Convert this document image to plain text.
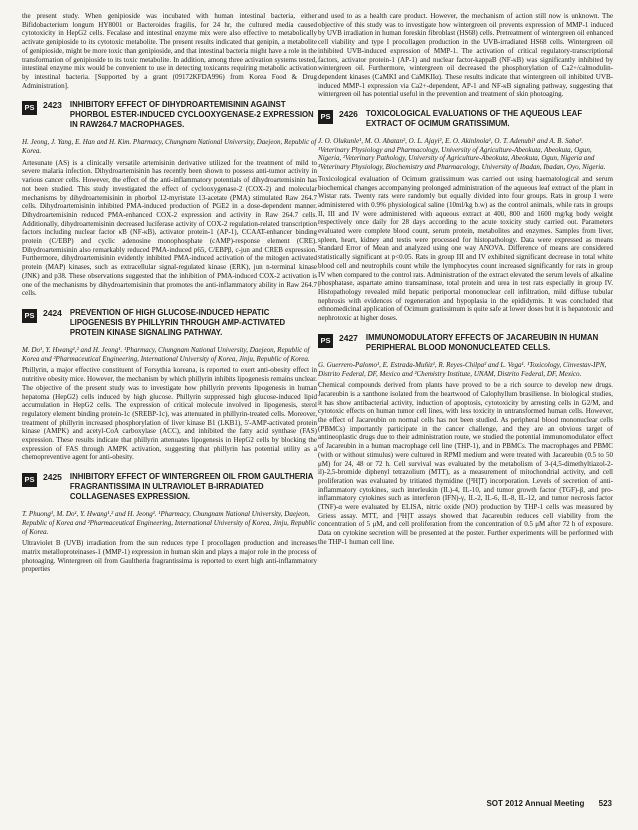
the present study. When genipioside was incubated with human intestinal bacteria, either Bifidobacterium longum HY8001 or Bacteroides fragilis, for 24 hr, the cultured media caused cytotoxicity in HepG2 cells. Fecalase and intestinal enzyme mix were also effective to metabolically activate genipioside to its cytotoxic metabolite. The present results indicated that genipin, a metabolite of genipioside, might be more toxic than genipioside, and that intestinal bacteria might have a role in the transformation of genipioside to its toxic metabolite. In addition, among three activation systems tested, intestinal enzyme mix would be convenient to use in detecting toxicants requiring metabolic activation by intestinal bacteria. [Supported by a grant (09172KFDA996) from Korea Food & Drug Administration].

PS 2423 INHIBITORY EFFECT OF DIHYDROARTEMISININ AGAINST PHORBOL ESTER-INDUCED CYCLOOXYGENASE-2 EXPRESSION IN RAW264.7 MACROPHAGES.
H. Jeong, J. Yang, E. Han and H. Kim. Pharmacy, Chungnam National University, Daejeon, Republic of Korea.

Artesunate (AS) is a clinically versatile artemisinin derivative utilized for the treatment of mild to severe malaria infection. Dihydroartemisinin has recently been shown to possess anti-tumor activity in various cancer cells. However, the effect of the anti-inflammatory potentials of dihydroartemisinin has not been studied. This study investigated the effect of cyclooxygenase-2 (COX-2) and molecular mechanisms by dihydroartemisinin in phorbol 12-myristate 13-acetate (PMA) stimulated Raw 264.7 cells. Dihydroartemisinin inhibited PMA-induced production of PGE2 in a dose-dependent manner. Dihydroartemisinin reduced PMA-enhanced COX-2 expression and activity in Raw 264.7 cells. Additionally, dihydroartemisinin decreased luciferase activity of COX-2 regulation-related transcription factors including nuclear factor κB (NF-κB), activator protein-1 (AP-1), CCAAT-enhancer binding protein (C/EBP) and cyclic adenosine monophosphate (cAMP)-response element (CRE). Dihydroartemisinin also remarkably reduced PMA-induced p65, C/EBPβ, c-jun and CREB expression. Furthermore, dihydroartemisinin evidently inhibited PMA-induced activation of the mitogen activated protein (MAP) kinases, such as extracellular signal-regulated kinase (ERK), jun n-terminal kinase (JNK) and p38. These observations suggested that the inhibition of PMA-induced COX-2 activation is one of the mechanisms by dihydroartemisinin that promotes the anti-inflammatory ability in Raw 264.7 cells.

PS 2424 PREVENTION OF HIGH GLUCOSE-INDUCED HEPATIC LIPOGENESIS BY PHILLYRIN THROUGH AMP-ACTIVATED PROTEIN KINASE SIGNALING PATHWAY.
M. Do¹, Y. Hwang¹,² and H. Jeong¹. ¹Pharmacy, Chungnam National University, Daejeon, Republic of Korea and ²Pharmaceutical Engineering, International University of Korea, Jinju, Republic of Korea.

Phillyrin, a major effective constituent of Forsythia koreana, is reported to exert anti-obesity effect in nutritive obesity mice. However, the mechanism by which phillyrin inhibits lipogenesis remains unclear. The objective of the present study was to investigate how phillyrin prevents lipogenesis in human hepatoma (HepG2) cells induced by high glucose. Phillyrin suppressed high glucose-induced lipid accumulation in HepG2 cells. The expression of critical molecule involved in lipogenesis, sterol regulatory element binding protein-1c (SREBP-1c), was attenuated in phillyrin-treated cells. Moreover, treatment of phillyrin increased phosphorylation of liver kinase B1 (LKB1), 5'-AMP-activated protein kinase (AMPK) and acetyl-CoA carboxylase (ACC), and inhibited the fatty acid synthase (FAS) expression. These results indicate that phillyrin attenuates lipogenesis in HepG2 cells by blocking the expression of FAS through AMPK activation, suggesting that phillyrin has potential utility as a chemopreventive agent for anti-obesity.

PS 2425 INHIBITORY EFFECT OF WINTERGREEN OIL FROM GAULTHERIA FRAGRANTISSIMA IN ULTRAVIOLET B-IRRADIATED COLLAGENASES EXPRESSION.
T. Phuong¹, M. Do¹, Y. Hwang¹,² and H. Jeong¹. ¹Pharmacy, Chungnam National University, Daejeon, Republic of Korea and ²Pharmaceutical Engineering, International University of Korea, Jinju, Republic of Korea.

Ultraviolet B (UVB) irradiation from the sun reduces type I procollagen production and increases matrix metalloproteinases-1 (MMP-1) expression in human skin and plays a major role in the process of photoaging. Wintergreen oil from Gaultheria fragrantissima is reported to exert high anti-inflammatory properties

and used to as a health care product. However, the mechanism of action still now is unknown. The objective of this study was to investigate how wintergreen oil prevents expression of MMP-1 induced by UVB irradiation in human foreskin fibroblast (HS68) cells. Pretreatment of wintergreen oil enhanced cell viability and type I procollagen production in the UVB-irradiated HS68 cells. Wintergreen oil inhibited UVB-induced expression of MMP-1. The activation of critical regulatory-transcriptional factors, activator protein-1 (AP-1) and nuclear factor-kappaB (NF-κB) was significantly inhibited by wintergreen oil. Furthermore, wintergreen oil decreased the phosphorylation of Ca2+/calmodulin-dependent kinases (CaMKI and CaMKIIα). These results indicate that wintergreen oil inhibited UVB-induced MMP-1 expression via Ca2+-dependent, AP-1 and NF-κB signaling pathway, suggesting that wintergreen oil has potential useful in the prevention and treatment of skin photoaging.

PS 2426 TOXICOLOGICAL EVALUATIONS OF THE AQUEOUS LEAF EXTRACT OF OCIMUM GRATISSIMUM.
J. O. Olukunle¹, M. O. Abatan², O. L. Ajayi², E. O. Akinlnola¹, O. T. Adenubi¹ and A. B. Saba³. ¹Veterinary Physiology and Pharmacology, University of Agriculture-Abeokuta, Abeokuta, Ogun, Nigeria, ²Veterinary Pathology, University of Agriculture-Abeokuta, Abeokuta, Ogun, Nigeria and ³Veterinary Physiology, Biochemistry and Pharmacology, University of Ibadan, Ibadan, Oyo, Nigeria.

Toxicological evaluation of Ocimum gratissimum was carried out using haematological and serum biochemical changes accompanying prolonged administration of the aqueous leaf extract of the plant in Wistar rats. Twenty rats were randomly but equally divided into four groups. Rats in group I were administered with 0.9% physiological saline (10ml/kg b.w) as the control animals, while rats in groups II, III and IV were administered with aqueous extract at 400, 800 and 1600 mg/kg body weight respectively once daily for 28 days according to the acute toxicity study carried out. Parameters evaluated were complete blood count, serum protein, metabolites and enzymes. Samples from liver, spleen, heart, kidney and testis were processed for histopathology. Data were expressed as means Standard Error of Mean and analyzed using one way ANOVA. Difference of means are considered statistically significant at p<0.05. Rats in group III and IV exhibited significant decrease in total white blood cell and neutrophils count while the lymphocytes count increased significantly for rats in group IV when compared to the control rats. Administration of the extract elevated the serum levels of alkaline phosphatase, aspartate amino transaminase, total protein and urea in test rats especially in group IV. Histopathology revealed mild hepatic periportal mononuclear cell infiltration, mild diffuse tubular nephrosis with evidences of regeneration and hypoplasia in the epididymis. It was concluded that ethnomedicinal application of Ocimum gratissimum is quite safe at lower doses but it is hepatotoxic and nephrotoxic at higher doses.

PS 2427 IMMUNOMODULATORY EFFECTS OF JACAREUBIN IN HUMAN PERIPHERAL BLOOD MONONUCLEATED CELLS.
G. Guerrero-Palomo¹, E. Estrada-Muñiz¹, R. Reyes-Chilpa² and L. Vega¹. ¹Toxicology, Cinvestav-IPN, Distrito Federal, DF, Mexico and ²Chemistry Institute, UNAM, Distrito Federal, DF, Mexico.

Chemical compounds derived from plants have proved to be a rich source to develop new drugs. Jacareubin is a xanthone isolated from the heartwood of Calophyllum brasiliense. In biological studies, it has show antibacterial activity, induction of apoptosis, cytotoxicity by arresting cells in G2/M, and cytotoxic effects on human tumor cell lines, with less toxicity in untransformed human cells. However, the effect of Jacareubin on normal cells has not been studied. As peripheral blood mononuclear cells (PBMCs) importantly participate in the cancer challenge, and they are an obvious target of antineoplastic drugs due to their administration route, we studied the potential immunomodulator effect of Jacareubin in a human macrophage cell line (THP-1), and in PBMCs. The macrophages and PBMC (with or without stimulus) were cultured in RPMI medium and were treated with Jacareubin (0.5 to 50 μM) for 24, 48 or 72 h. Cell survival was evaluated by the metabolism of 3-(4,5-dimethyltiazol-2-il)-2,5-bromide diphenyl tetrazolium (MTT), as a measurement of mitochondrial activity, and cell proliferation was evaluated by tritiated thymidine ([³H]T) incorporation. Levels of secretion of anti-inflammatory cytokines, such interleukin (IL)-4, IL-10, and tumor growth factor (TGF)-β, and pro-inflammatory cytokines such as interferon (IFN)-γ, IL-2, IL-6, IL-8, IL-12, and tumor necrosis factor (TNF)-α were evaluated by ELISA, nitric oxide (NO) production by THP-1 cells was measured by Griess assay. MTT, and [³H]T assays showed that Jacareubin reduces cell viability from the concentration of 5 μM, and cell proliferation from the concentration of 0.5 μM after 72 h of exposure. Data on cytokine secretion will be presented at the poster. Further experiments will be performed with the THP-1 human cell line.

SOT 2012 Annual Meeting 523
